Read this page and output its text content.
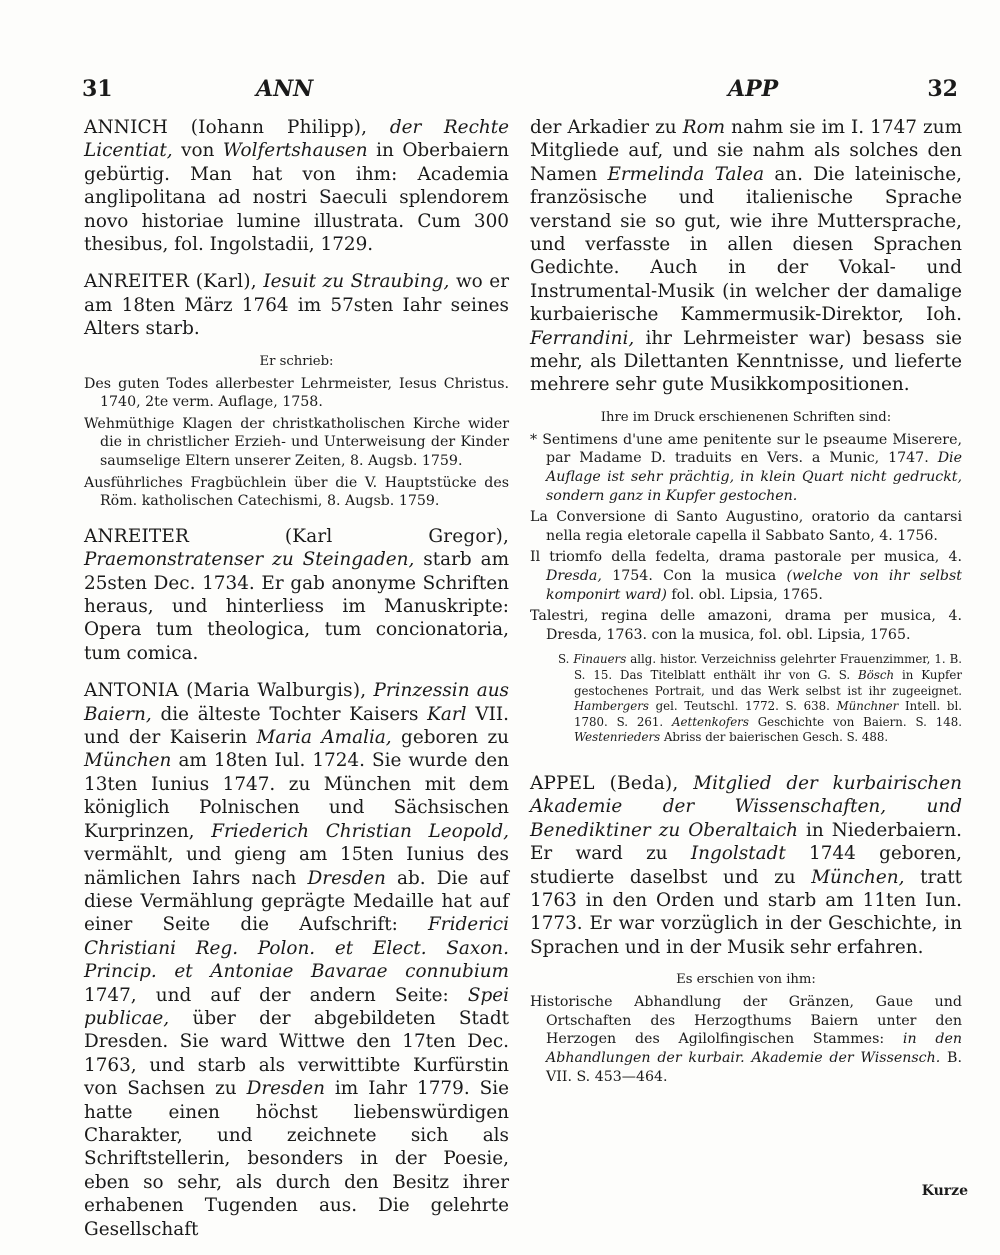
31	ANN	APP	32

ANNICH (Iohann Philipp), der Rechte Licentiat, von Wolfertshausen in Oberbaiern gebürtig. Man hat von ihm: Academia anglipolitana ad nostri Saeculi splendorem novo historiae lumine illustrata. Cum 300 thesibus, fol. Ingolstadii, 1729.

ANREITER (Karl), Iesuit zu Straubing, wo er am 18ten März 1764 im 57sten Iahr seines Alters starb.

Er schrieb:
Des guten Todes allerbester Lehrmeister, Iesus Christus. 1740, 2te verm. Auflage, 1758.
Wehmüthige Klagen der christkatholischen Kirche wider die in christlicher Erzieh- und Unterweisung der Kinder saumselige Eltern unserer Zeiten, 8. Augsb. 1759.
Ausführliches Fragbüchlein über die V. Hauptstücke des Röm. katholischen Catechismi, 8. Augsb. 1759.

ANREITER (Karl Gregor), Praemonstratenser zu Steingaden, starb am 25sten Dec. 1734. Er gab anonyme Schriften heraus, und hinterliess im Manuskripte: Opera tum theologica, tum concionatoria, tum comica.

ANTONIA (Maria Walburgis), Prinzessin aus Baiern, die älteste Tochter Kaisers Karl VII. und der Kaiserin Maria Amalia, geboren zu München am 18ten Iul. 1724. Sie wurde den 13ten Iunius 1747. zu München mit dem königlich Polnischen und Sächsischen Kurprinzen, Friederich Christian Leopold, vermählt, und gieng am 15ten Iunius des nämlichen Iahrs nach Dresden ab. Die auf diese Vermählung geprägte Medaille hat auf einer Seite die Aufschrift: Friderici Christiani Reg. Polon. et Elect. Saxon. Princip. et Antoniae Bavarae connubium 1747, und auf der andern Seite: Spei publicae, über der abgebildeten Stadt Dresden. Sie ward Wittwe den 17ten Dec. 1763, und starb als verwittibte Kurfürstin von Sachsen zu Dresden im Iahr 1779. Sie hatte einen höchst liebenswürdigen Charakter, und zeichnete sich als Schriftstellerin, besonders in der Poesie, eben so sehr, als durch den Besitz ihrer erhabenen Tugenden aus. Die gelehrte Gesellschaft

der Arkadier zu Rom nahm sie im I. 1747 zum Mitgliede auf, und sie nahm als solches den Namen Ermelinda Talea an. Die lateinische, französische und italienische Sprache verstand sie so gut, wie ihre Muttersprache, und verfasste in allen diesen Sprachen Gedichte. Auch in der Vokal- und Instrumental-Musik (in welcher der damalige kurbaierische Kammermusik-Direktor, Ioh. Ferrandini, ihr Lehrmeister war) besass sie mehr, als Dilettanten Kenntnisse, und lieferte mehrere sehr gute Musikkompositionen.

Ihre im Druck erschienenen Schriften sind:
* Sentimens d'une ame penitente sur le pseaume Miserere, par Madame D. traduits en Vers. a Munic, 1747. Die Auflage ist sehr prächtig, in klein Quart nicht gedruckt, sondern ganz in Kupfer gestochen.
La Conversione di Santo Augustino, oratorio da cantarsi nella regia eletorale capella il Sabbato Santo, 4. 1756.
Il triomfo della fedelta, drama pastorale per musica, 4. Dresda, 1754. Con la musica (welche von ihr selbst komponirt ward) fol. obl. Lipsia, 1765.
Talestri, regina delle amazoni, drama per musica, 4. Dresda, 1763. con la musica, fol. obl. Lipsia, 1765.

S. Finauers allg. histor. Verzeichniss gelehrter Frauenzimmer, 1. B. S. 15. Das Titelblatt enthält ihr von G. S. Bösch in Kupfer gestochenes Portrait, und das Werk selbst ist ihr zugeeignet. Hambergers gel. Teutschl. 1772. S. 638. Münchner Intell. bl. 1780. S. 261. Aettenkofers Geschichte von Baiern. S. 148. Westenrieders Abriss der baierischen Gesch. S. 488.

APPEL (Beda), Mitglied der kurbairischen Akademie der Wissenschaften, und Benediktiner zu Oberaltaich in Niederbaiern. Er ward zu Ingolstadt 1744 geboren, studierte daselbst und zu München, tratt 1763 in den Orden und starb am 11ten Iun. 1773. Er war vorzüglich in der Geschichte, in Sprachen und in der Musik sehr erfahren.

Es erschien von ihm:
Historische Abhandlung der Gränzen, Gaue und Ortschaften des Herzogthums Baiern unter den Herzogen des Agilolfingischen Stammes: in den Abhandlungen der kurbair. Akademie der Wissensch. B. VII. S. 453—464.
Kurze
